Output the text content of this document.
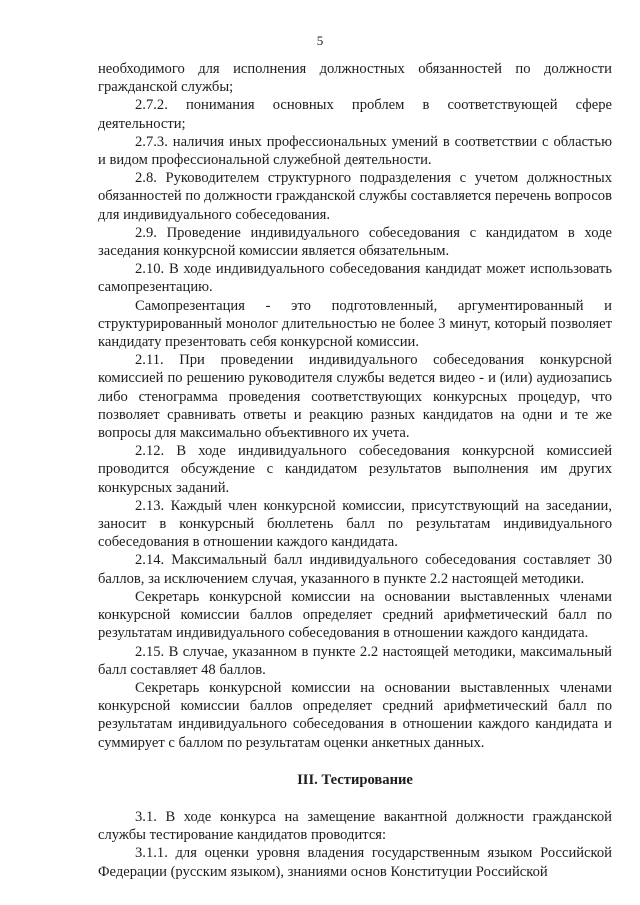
5

необходимого для исполнения должностных обязанностей по должности гражданской службы;

2.7.2. понимания основных проблем в соответствующей сфере деятельности;

2.7.3. наличия иных профессиональных умений в соответствии с областью и видом профессиональной служебной деятельности.

2.8. Руководителем структурного подразделения с учетом должностных обязанностей по должности гражданской службы составляется перечень вопросов для индивидуального собеседования.

2.9. Проведение индивидуального собеседования с кандидатом в ходе заседания конкурсной комиссии является обязательным.

2.10. В ходе индивидуального собеседования кандидат может использовать самопрезентацию.

Самопрезентация - это подготовленный, аргументированный и структурированный монолог длительностью не более 3 минут, который позволяет кандидату презентовать себя конкурсной комиссии.

2.11. При проведении индивидуального собеседования конкурсной комиссией по решению руководителя службы ведется видео - и (или) аудиозапись либо стенограмма проведения соответствующих конкурсных процедур, что позволяет сравнивать ответы и реакцию разных кандидатов на одни и те же вопросы для максимально объективного их учета.

2.12. В ходе индивидуального собеседования конкурсной комиссией проводится обсуждение с кандидатом результатов выполнения им других конкурсных заданий.

2.13. Каждый член конкурсной комиссии, присутствующий на заседании, заносит в конкурсный бюллетень балл по результатам индивидуального собеседования в отношении каждого кандидата.

2.14. Максимальный балл индивидуального собеседования составляет 30 баллов, за исключением случая, указанного в пункте 2.2 настоящей методики.

Секретарь конкурсной комиссии на основании выставленных членами конкурсной комиссии баллов определяет средний арифметический балл по результатам индивидуального собеседования в отношении каждого кандидата.

2.15. В случае, указанном в пункте 2.2 настоящей методики, максимальный балл составляет 48 баллов.

Секретарь конкурсной комиссии на основании выставленных членами конкурсной комиссии баллов определяет средний арифметический балл по результатам индивидуального собеседования в отношении каждого кандидата и суммирует с баллом по результатам оценки анкетных данных.

III. Тестирование

3.1. В ходе конкурса на замещение вакантной должности гражданской службы тестирование кандидатов проводится:

3.1.1. для оценки уровня владения государственным языком Российской Федерации (русским языком), знаниями основ Конституции Российской
